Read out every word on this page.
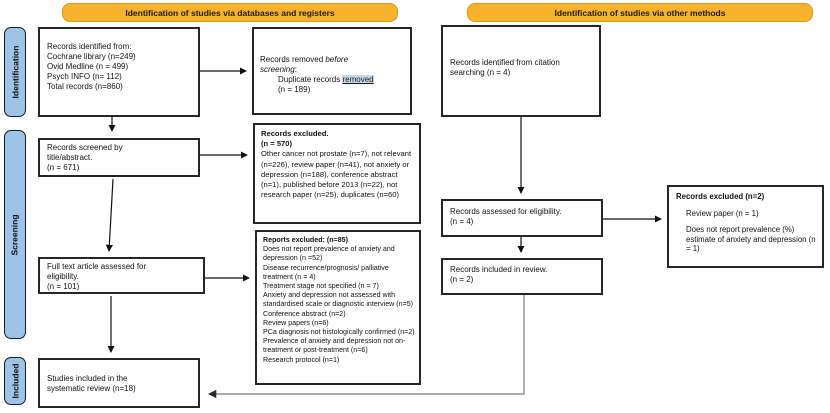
Identification of studies via databases and registers	Identification of studies via other methods
Identification
Screening
Included
Records identified from:
Cochrane library (n=249)
Ovid Medline (n = 499)
Psych INFO (n= 112)
Total records (n=860)
Records removed before
screening:
Duplicate records removed
(n = 189)
Records screened by
title/abstract.
(n = 671)
Records excluded.
(n = 570)
Other cancer not prostate (n=7), not relevant (n=226), review paper (n=41), not anxiety or depression (n=188), conference abstract (n=1), published before 2013 (n=22), not research paper (n=25), duplicates (n=60)
Full text article assessed for
eligibility.
(n = 101)
Reports excluded: (n=85)
Does not report prevalence of anxiety and depression (n =52)
Disease recurrence/prognosis/ palliative treatment (n = 4)
Treatment stage not specified (n = 7)
Anxiety and depression not assessed with standardised scale or diagnostic interview (n=5)
Conference abstract (n=2)
Review papers (n=6)
PCa diagnosis not histologically confirmed (n=2)
Prevalence of anxiety and depression not on-treatment or post-treatment (n=6)
Research protocol (n=1)
Studies included in the
systematic review (n=18)
Records identified from citation
searching (n = 4)
Records assessed for eligibility.
(n = 4)
Records included in review.
(n = 2)
Records excluded (n=2)
Review paper (n = 1)
Does not report prevalence (%) estimate of anxiety and depression (n = 1)
